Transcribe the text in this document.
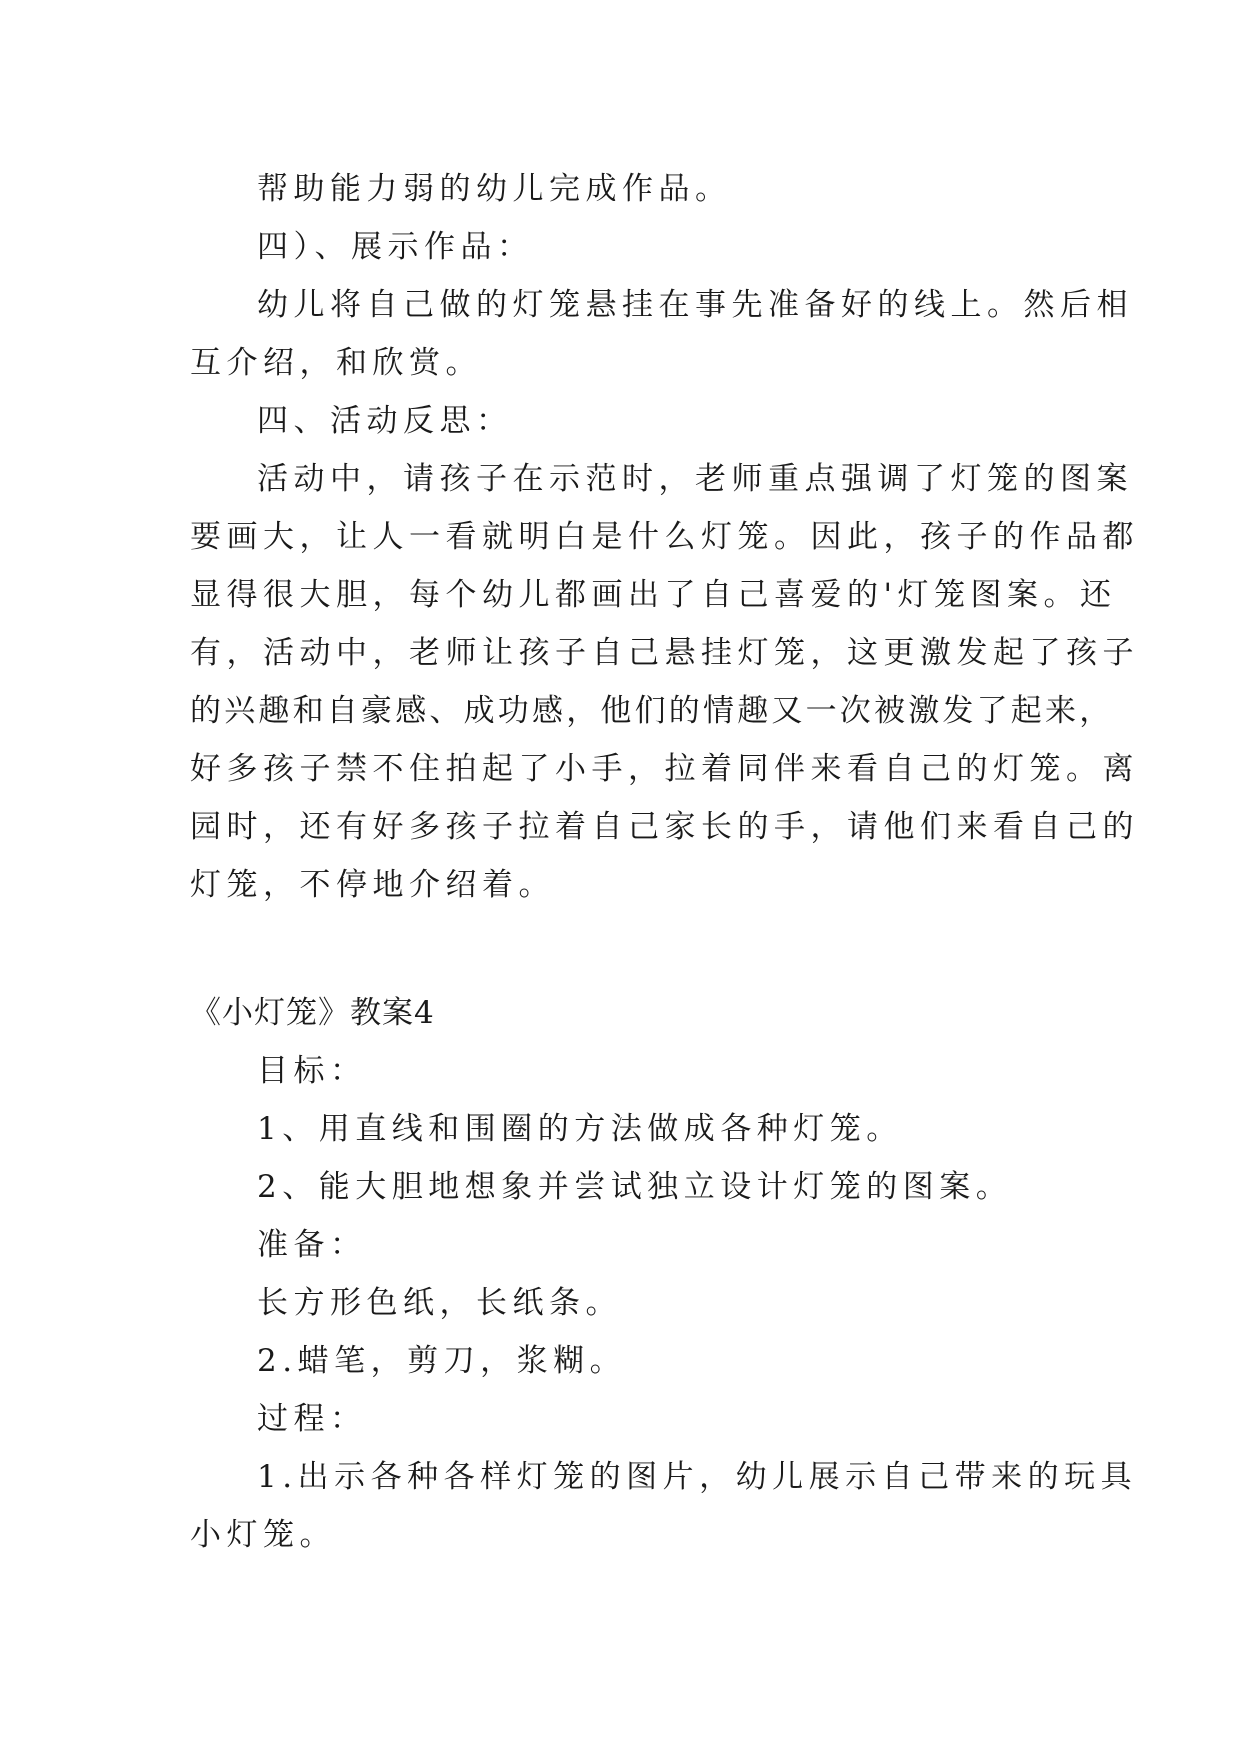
帮助能力弱的幼儿完成作品。

四）、展示作品：

幼儿将自己做的灯笼悬挂在事先准备好的线上。然后相

互介绍，和欣赏。

四、活动反思：

活动中，请孩子在示范时，老师重点强调了灯笼的图案

要画大，让人一看就明白是什么灯笼。因此，孩子的作品都

显得很大胆，每个幼儿都画出了自己喜爱的'灯笼图案。还

有，活动中，老师让孩子自己悬挂灯笼，这更激发起了孩子

的兴趣和自豪感、成功感，他们的情趣又一次被激发了起来，

好多孩子禁不住拍起了小手，拉着同伴来看自己的灯笼。离

园时，还有好多孩子拉着自己家长的手，请他们来看自己的

灯笼，不停地介绍着。

《小灯笼》教案4

目标：

1、用直线和围圈的方法做成各种灯笼。

2、能大胆地想象并尝试独立设计灯笼的图案。

准备：

长方形色纸，长纸条。

2.蜡笔，剪刀，浆糊。

过程：

1.出示各种各样灯笼的图片，幼儿展示自己带来的玩具

小灯笼。
